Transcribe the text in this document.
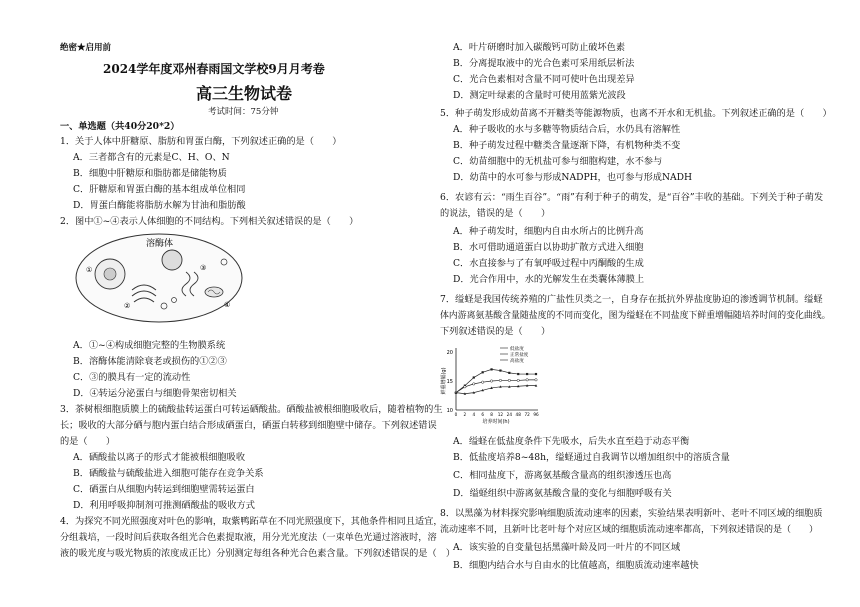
绝密★启用前
2024学年度邓州春雨国文学校9月月考卷
高三生物试卷
考试时间：75分钟
一、单选题（共40分20*2）
1．关于人体中肝糖原、脂肪和胃蛋白酶，下列叙述正确的是（　　）
A．三者都含有的元素是C、H、O、N
B．细胞中肝糖原和脂肪都是储能物质
C．肝糖原和胃蛋白酶的基本组成单位相同
D．胃蛋白酶能将脂肪水解为甘油和脂肪酸
2．图中①~④表示人体细胞的不同结构。下列相关叙述错误的是（　　）
溶酶体
①
②
③
④
A．①~④构成细胞完整的生物膜系统
B．溶酶体能清除衰老或损伤的①②③
C．③的膜具有一定的流动性
D．④转运分泌蛋白与细胞骨架密切相关
3．茶树根细胞质膜上的硫酸盐转运蛋白可转运硒酸盐。硒酸盐被根细胞吸收后，随着植物的生
长；吸收的大部分硒与胞内蛋白结合形成硒蛋白，硒蛋白转移到细胞壁中储存。下列叙述错误
的是（　　）
A．硒酸盐以离子的形式才能被根细胞吸收
B．硒酸盐与硫酸盐进入细胞可能存在竞争关系
C．硒蛋白从细胞内转运到细胞壁需转运蛋白
D．利用呼吸抑制剂可推测硒酸盐的吸收方式
4．为探究不同光照强度对叶色的影响，取紫鸭跖草在不同光照强度下，其他条件相同且适宜，
分组栽培，一段时间后获取各组光合色素提取液，用分光光度法（一束单色光通过溶液时，溶
液的吸光度与吸光物质的浓度成正比）分别测定每组各种光合色素含量。下列叙述错误的是（　）
A．叶片研磨时加入碳酸钙可防止破坏色素
B．分离提取液中的光合色素可采用纸层析法
C．光合色素相对含量不同可使叶色出现差异
D．测定叶绿素的含量时可使用蓝紫光波段
5．种子萌发形成幼苗离不开糖类等能源物质，也离不开水和无机盐。下列叙述正确的是（　　）
A．种子吸收的水与多糖等物质结合后，水仍具有溶解性
B．种子萌发过程中糖类含量逐渐下降，有机物种类不变
C．幼苗细胞中的无机盐可参与细胞构建，水不参与
D．幼苗中的水可参与形成NADPH，也可参与形成NADH
6．农谚有云：“雨生百谷”。“雨”有利于种子的萌发，是“百谷”丰收的基础。下列关于种子萌发
的说法，错误的是（　　）
A．种子萌发时，细胞内自由水所占的比例升高
B．水可借助通道蛋白以协助扩散方式进入细胞
C．水直接参与了有氧呼吸过程中丙酮酸的生成
D．光合作用中，水的光解发生在类囊体薄膜上
7．缢蛏是我国传统养殖的广盐性贝类之一，自身存在抵抗外界盐度胁迫的渗透调节机制。缢蛏
体内游离氨基酸含量随盐度的不同而变化，图为缢蛏在不同盐度下鲜重增幅随培养时间的变化曲线。
下列叙述错误的是（　　）
10
15
20
0 2 4 6 8 12 24 48 72 96
培养时间(h)
鲜重增幅(g)
低盐度
正常盐度
高盐度
A．缢蛏在低盐度条件下先吸水，后失水直至趋于动态平衡
B．低盐度培养8~48h，缢蛏通过自我调节以增加组织中的溶质含量
C．相同盐度下，游离氨基酸含量高的组织渗透压也高
D．缢蛏组织中游离氨基酸含量的变化与细胞呼吸有关
8．以黑藻为材料探究影响细胞质流动速率的因素，实验结果表明新叶、老叶不同区域的细胞质
流动速率不同，且新叶比老叶每个对应区域的细胞质流动速率都高，下列叙述错误的是（　　）
A．该实验的自变量包括黑藻叶龄及同一叶片的不同区域
B．细胞内结合水与自由水的比值越高，细胞质流动速率越快
